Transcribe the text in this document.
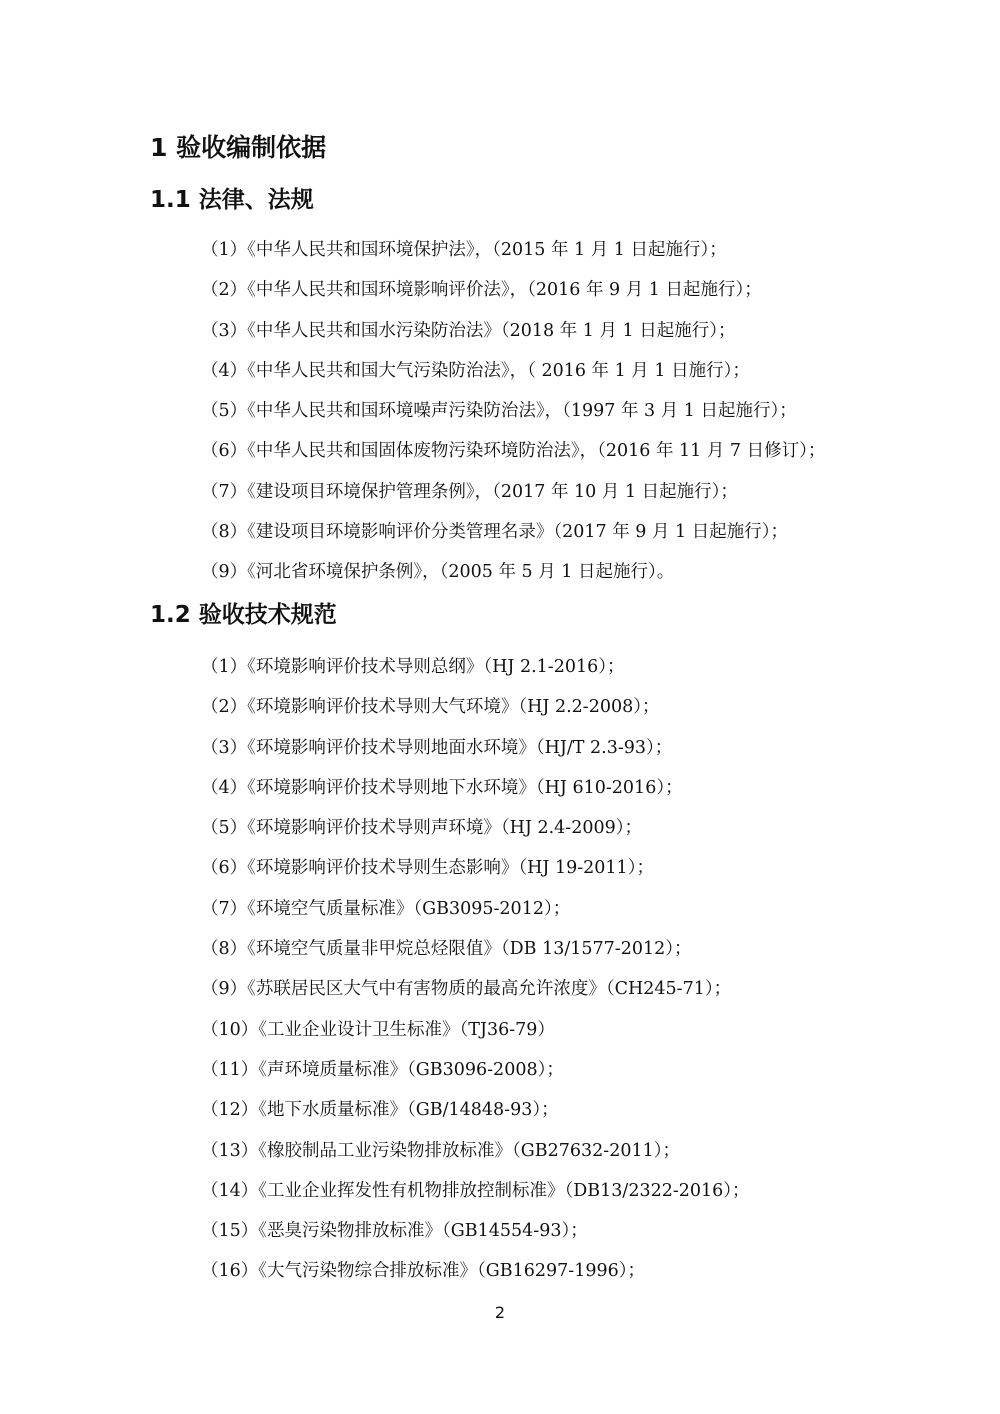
1 验收编制依据
1.1 法律、法规
（1）《中华人民共和国环境保护法》，（2015 年 1 月 1 日起施行）；
（2）《中华人民共和国环境影响评价法》，（2016 年 9 月 1 日起施行）；
（3）《中华人民共和国水污染防治法》（2018 年 1 月 1 日起施行）；
（4）《中华人民共和国大气污染防治法》，（ 2016 年 1 月 1 日施行）；
（5）《中华人民共和国环境噪声污染防治法》，（1997 年 3 月 1 日起施行）；
（6）《中华人民共和国固体废物污染环境防治法》，（2016 年 11 月 7 日修订）；
（7）《建设项目环境保护管理条例》，（2017 年 10 月 1 日起施行）；
（8）《建设项目环境影响评价分类管理名录》（2017 年 9 月 1 日起施行）；
（9）《河北省环境保护条例》，（2005 年 5 月 1 日起施行）。
1.2 验收技术规范
（1）《环境影响评价技术导则总纲》（HJ 2.1-2016）；
（2）《环境影响评价技术导则大气环境》（HJ 2.2-2008）；
（3）《环境影响评价技术导则地面水环境》（HJ/T 2.3-93）；
（4）《环境影响评价技术导则地下水环境》（HJ 610-2016）；
（5）《环境影响评价技术导则声环境》（HJ 2.4-2009）；
（6）《环境影响评价技术导则生态影响》（HJ 19-2011）；
（7）《环境空气质量标准》（GB3095-2012）；
（8）《环境空气质量非甲烷总烃限值》（DB 13/1577-2012）；
（9）《苏联居民区大气中有害物质的最高允许浓度》（CH245-71）；
（10）《工业企业设计卫生标准》（TJ36-79）
（11）《声环境质量标准》（GB3096-2008）；
（12）《地下水质量标准》（GB/14848-93）；
（13）《橡胶制品工业污染物排放标准》（GB27632-2011）；
（14）《工业企业挥发性有机物排放控制标准》（DB13/2322-2016）；
（15）《恶臭污染物排放标准》（GB14554-93）；
（16）《大气污染物综合排放标准》（GB16297-1996）；
2
